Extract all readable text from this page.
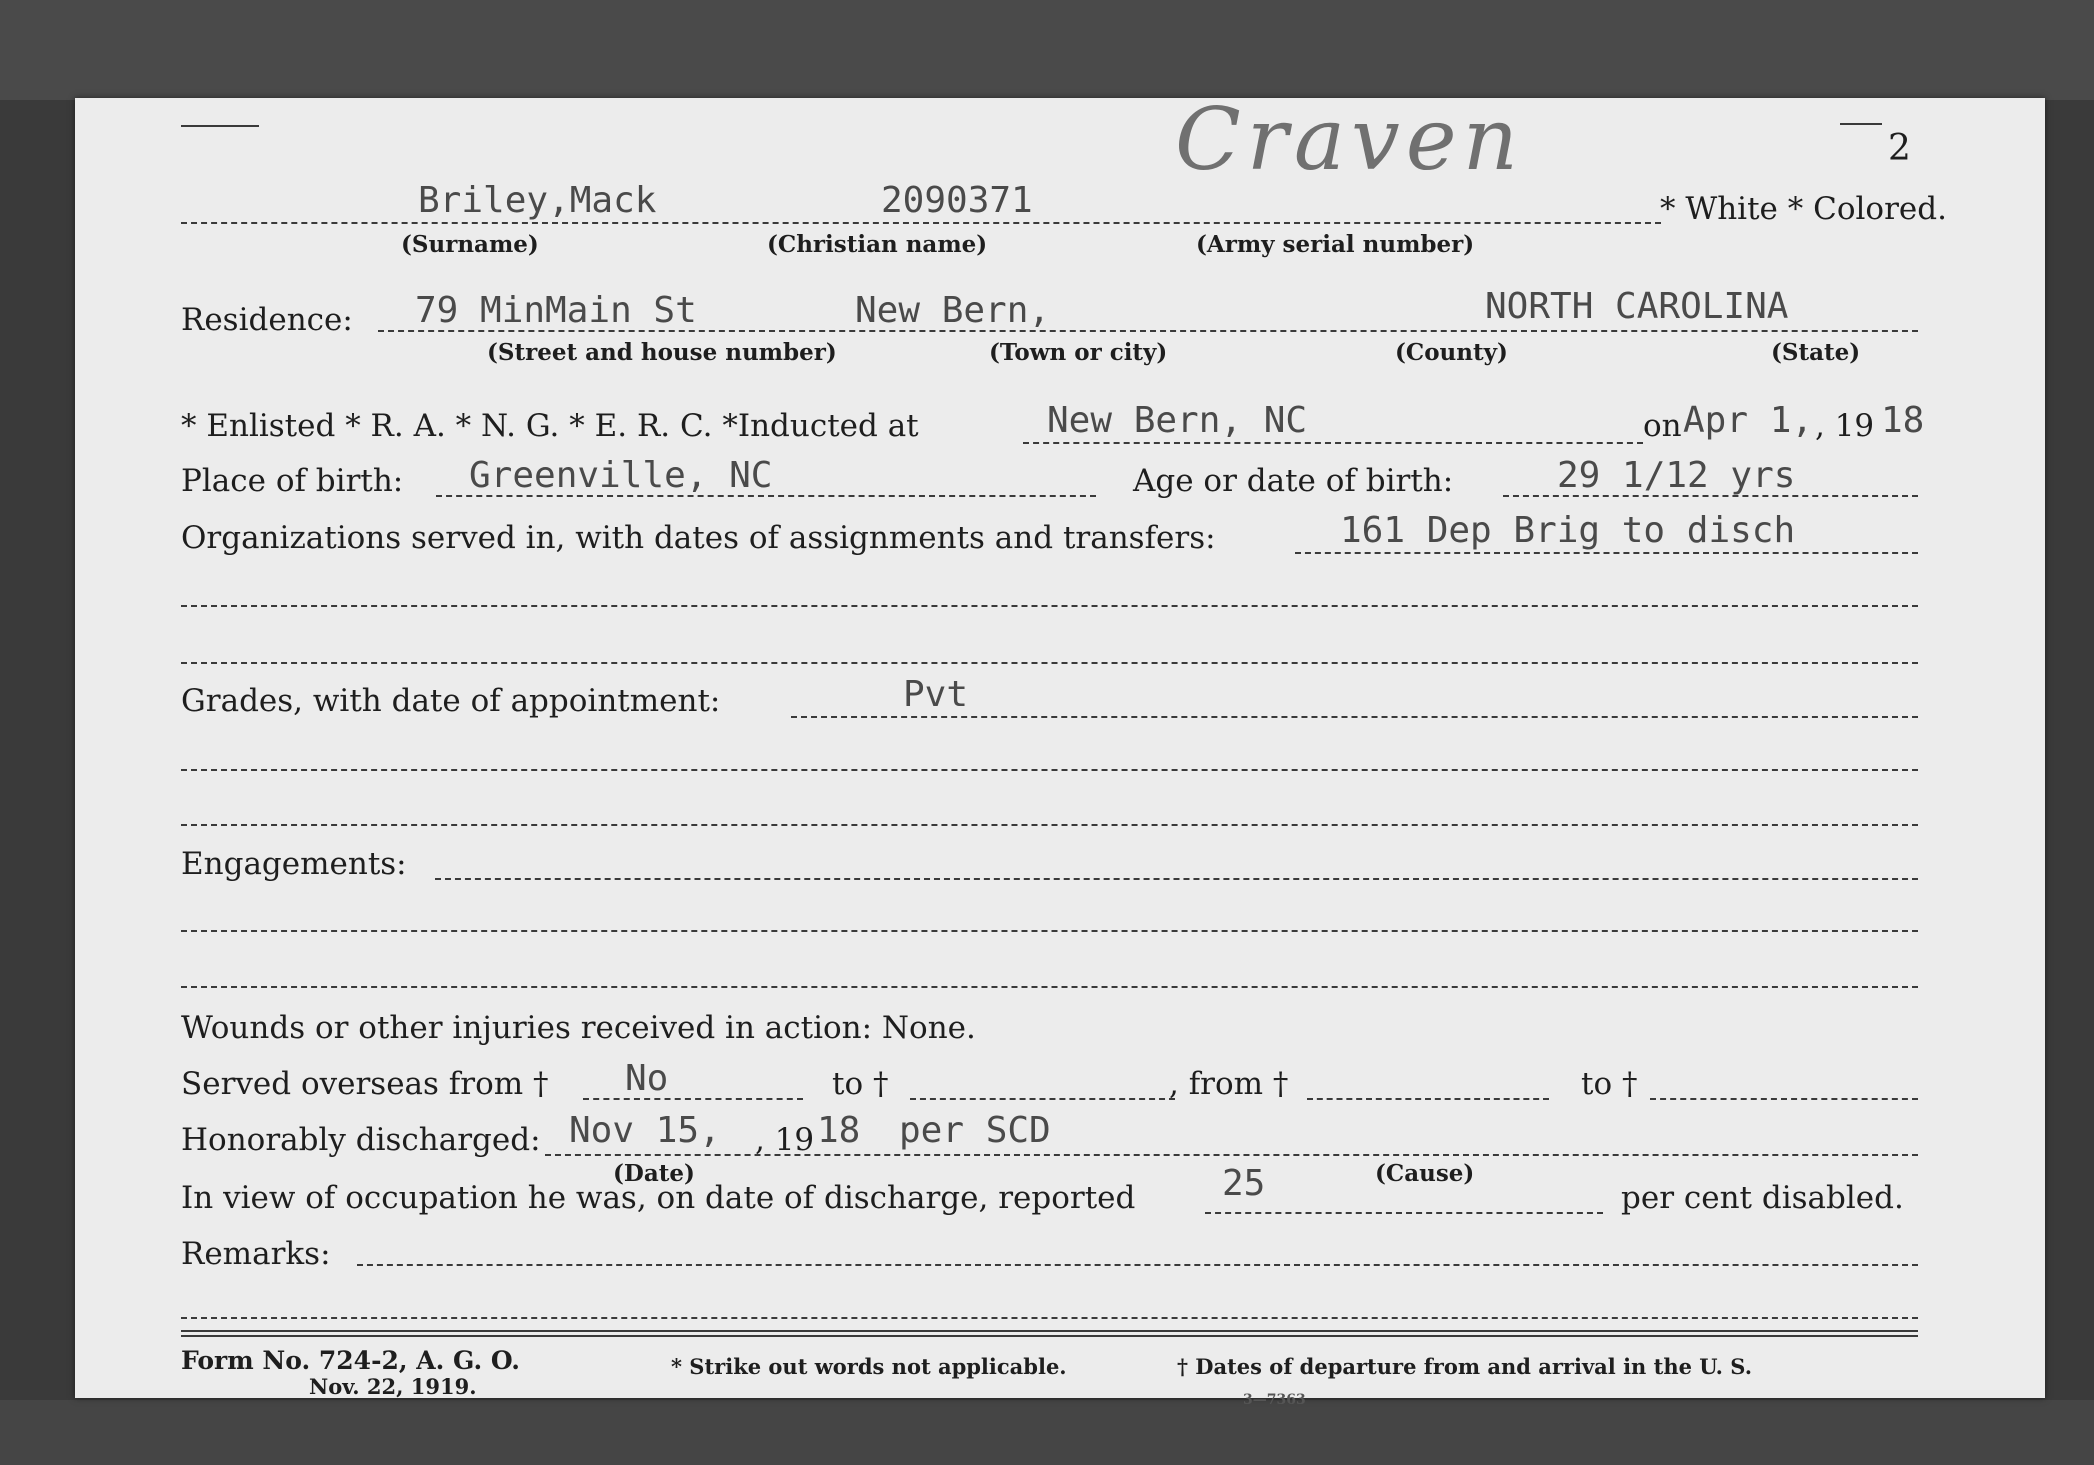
2
Craven
Briley,Mack	2090371	* White * Colored.
(Surname)	(Christian name)	(Army serial number)
Residence: 79 MinMain St	New Bern,	NORTH CAROLINA
(Street and house number)	(Town or city)	(County)	(State)
* Enlisted * R. A. * N. G. * E. R. C. *Inducted at	New Bern, NC	on Apr 1, , 19 18
Place of birth: Greenville, NC	Age or date of birth:	29 1/12 yrs
Organizations served in, with dates of assignments and transfers:	161 Dep Brig to disch
Grades, with date of appointment:	Pvt
Engagements:
Wounds or other injuries received in action: None.
Served overseas from † No	to †	, from †	to †
Honorably discharged: Nov 15, , 19 18 per SCD
(Date)	(Cause)
In view of occupation he was, on date of discharge, reported 25	per cent disabled.
Remarks:
Form No. 724-2, A. G. O.
Nov. 22, 1919.
* Strike out words not applicable.	† Dates of departure from and arrival in the U. S.
3—7363
